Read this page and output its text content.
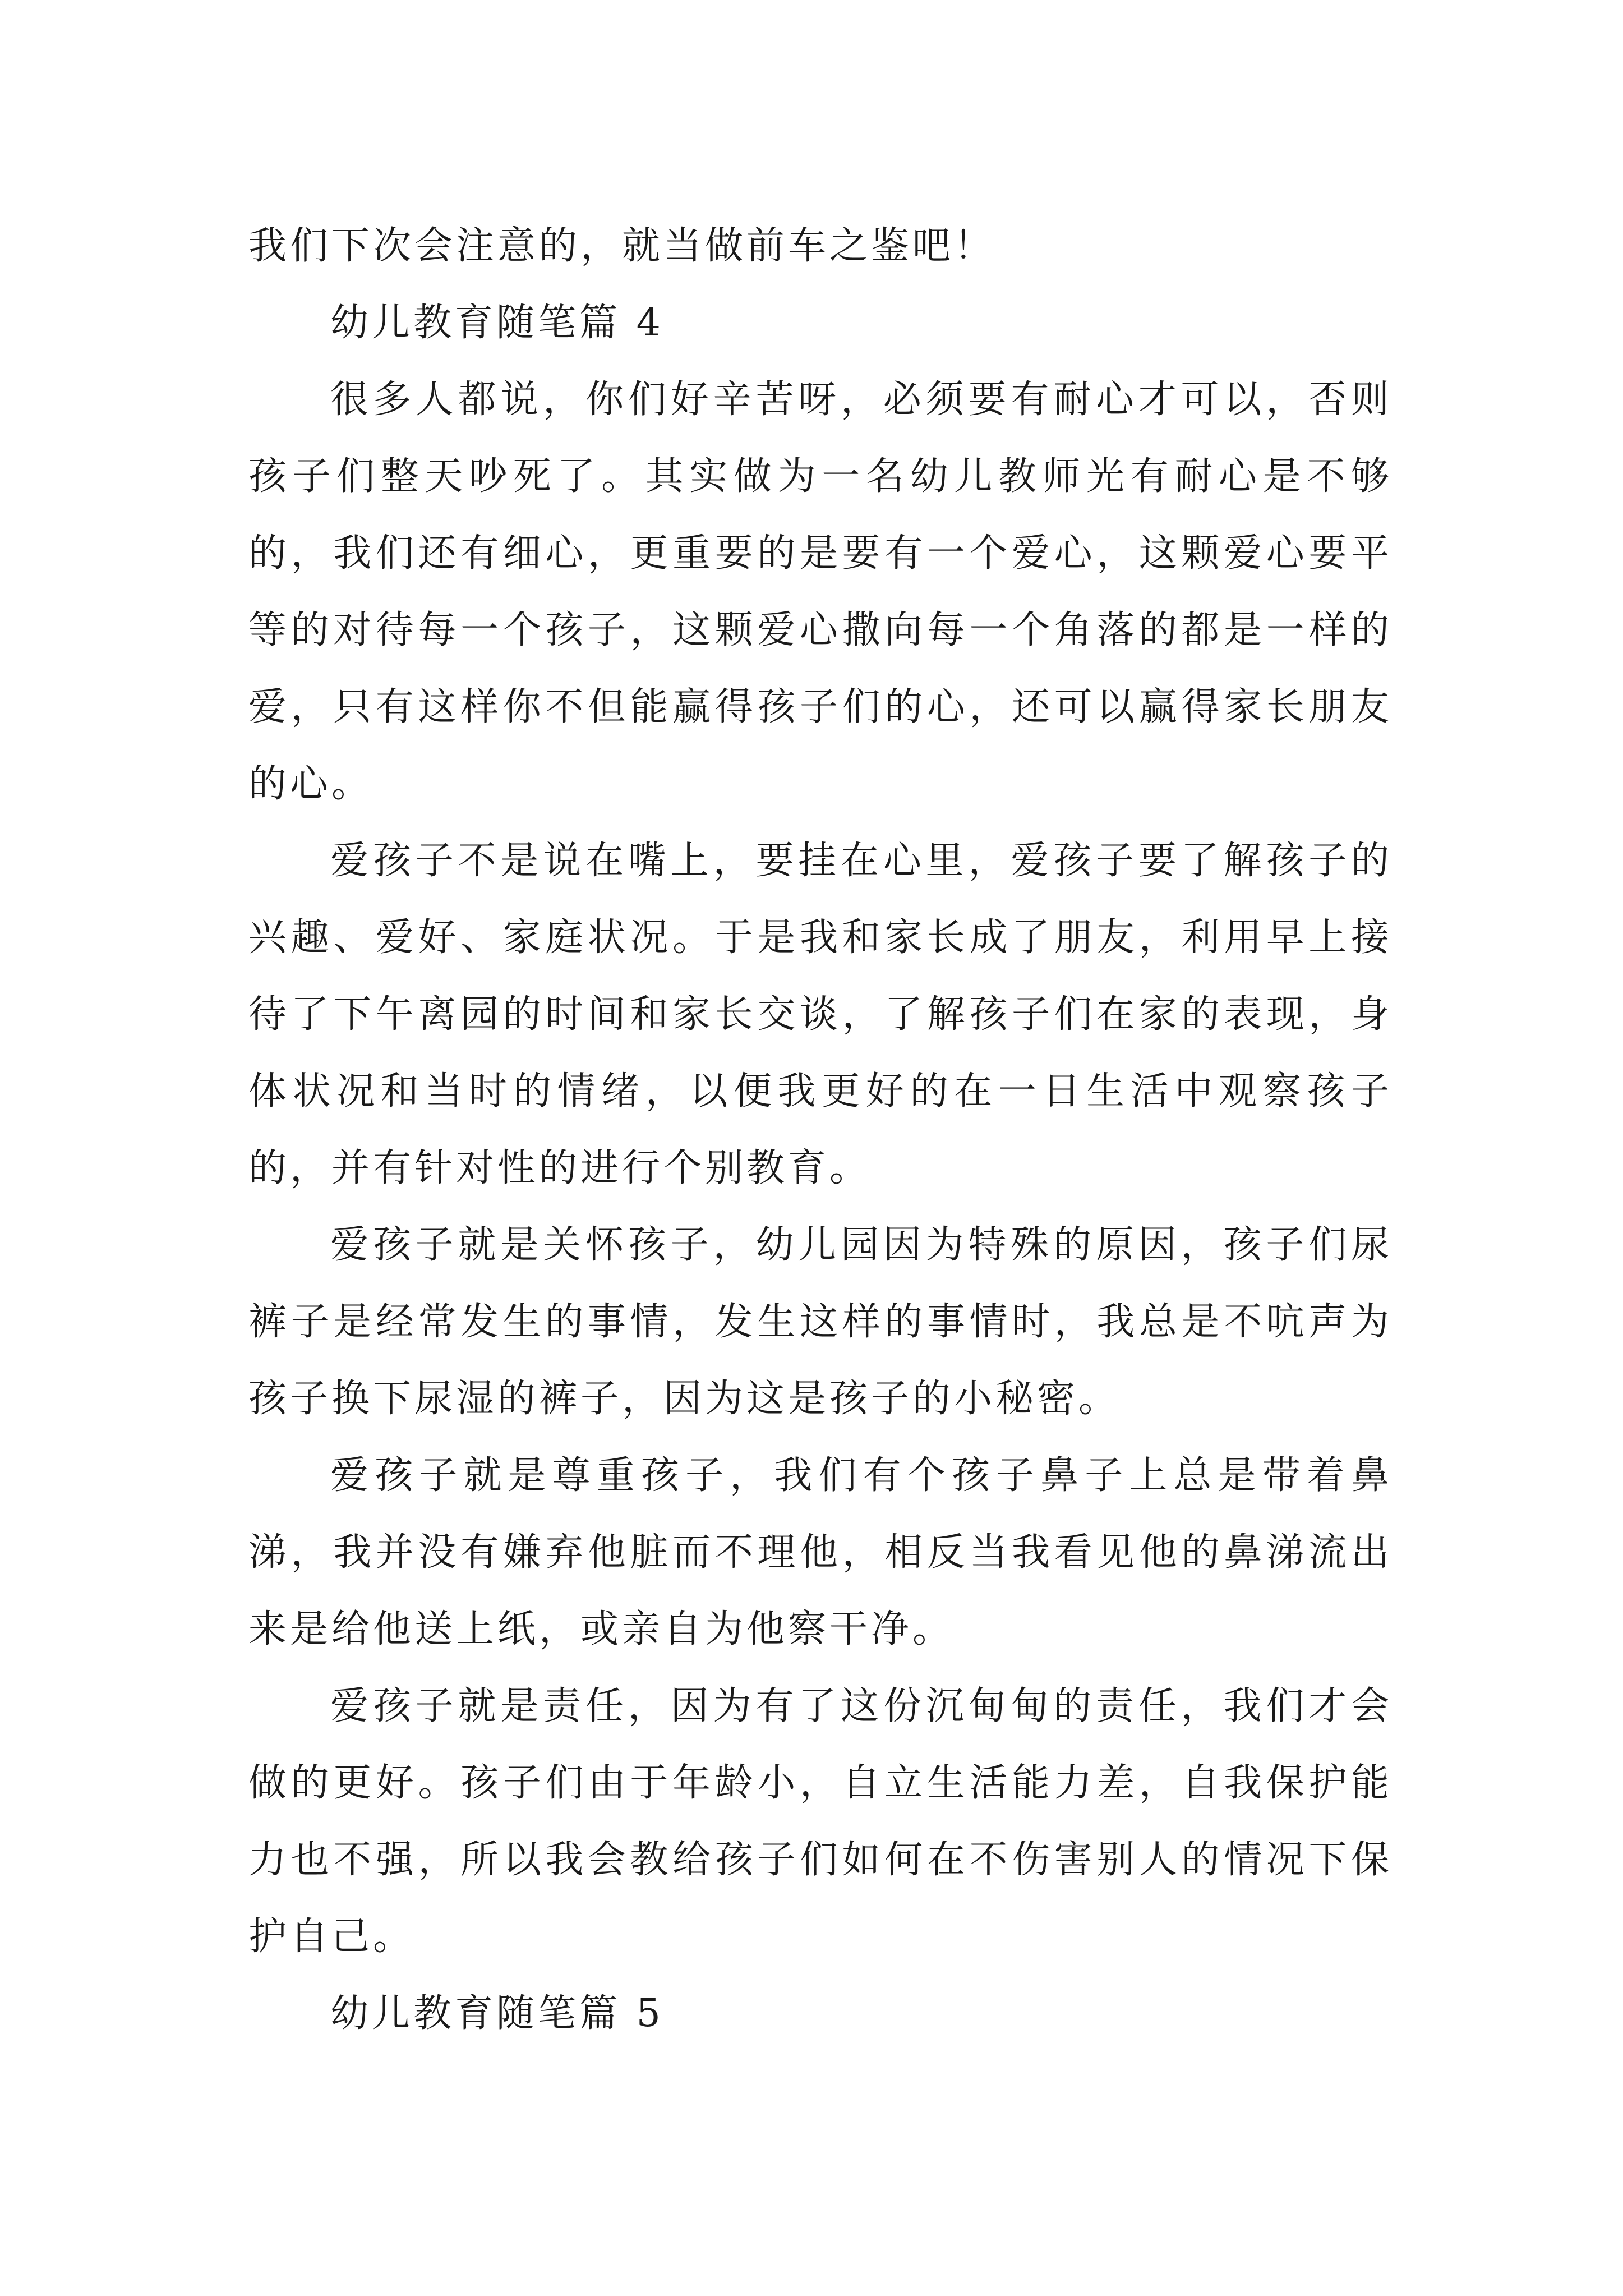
我们下次会注意的，就当做前车之鉴吧！

幼儿教育随笔篇 4

很多人都说，你们好辛苦呀，必须要有耐心才可以，否则孩子们整天吵死了。其实做为一名幼儿教师光有耐心是不够的，我们还有细心，更重要的是要有一个爱心，这颗爱心要平等的对待每一个孩子，这颗爱心撒向每一个角落的都是一样的爱，只有这样你不但能赢得孩子们的心，还可以赢得家长朋友的心。

爱孩子不是说在嘴上，要挂在心里，爱孩子要了解孩子的兴趣、爱好、家庭状况。于是我和家长成了朋友，利用早上接待了下午离园的时间和家长交谈，了解孩子们在家的表现，身体状况和当时的情绪，以便我更好的在一日生活中观察孩子的，并有针对性的进行个别教育。

爱孩子就是关怀孩子，幼儿园因为特殊的原因，孩子们尿裤子是经常发生的事情，发生这样的事情时，我总是不吭声为孩子换下尿湿的裤子，因为这是孩子的小秘密。

爱孩子就是尊重孩子，我们有个孩子鼻子上总是带着鼻涕，我并没有嫌弃他脏而不理他，相反当我看见他的鼻涕流出来是给他送上纸，或亲自为他察干净。

爱孩子就是责任，因为有了这份沉甸甸的责任，我们才会做的更好。孩子们由于年龄小，自立生活能力差，自我保护能力也不强，所以我会教给孩子们如何在不伤害别人的情况下保护自己。

幼儿教育随笔篇 5
